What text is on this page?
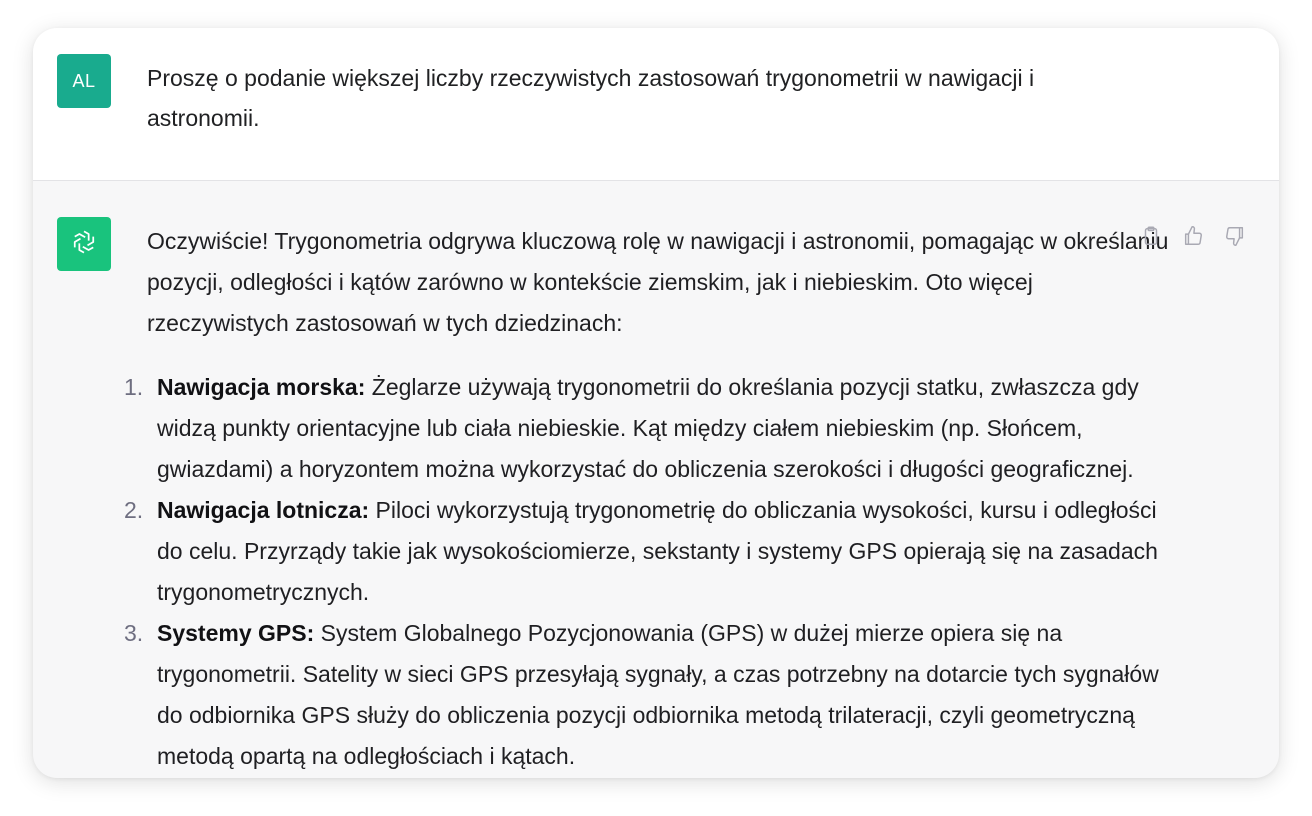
AL	Proszę o podanie większej liczby rzeczywistych zastosowań trygonometrii w nawigacji i astronomii.

Oczywiście! Trygonometria odgrywa kluczową rolę w nawigacji i astronomii, pomagając w określaniu pozycji, odległości i kątów zarówno w kontekście ziemskim, jak i niebieskim. Oto więcej rzeczywistych zastosowań w tych dziedzinach:

1. Nawigacja morska: Żeglarze używają trygonometrii do określania pozycji statku, zwłaszcza gdy widzą punkty orientacyjne lub ciała niebieskie. Kąt między ciałem niebieskim (np. Słońcem, gwiazdami) a horyzontem można wykorzystać do obliczenia szerokości i długości geograficznej.
2. Nawigacja lotnicza: Piloci wykorzystują trygonometrię do obliczania wysokości, kursu i odległości do celu. Przyrządy takie jak wysokościomierze, sekstanty i systemy GPS opierają się na zasadach trygonometrycznych.
3. Systemy GPS: System Globalnego Pozycjonowania (GPS) w dużej mierze opiera się na trygonometrii. Satelity w sieci GPS przesyłają sygnały, a czas potrzebny na dotarcie tych sygnałów do odbiornika GPS służy do obliczenia pozycji odbiornika metodą trilateracji, czyli geometryczną metodą opartą na odległościach i kątach.
